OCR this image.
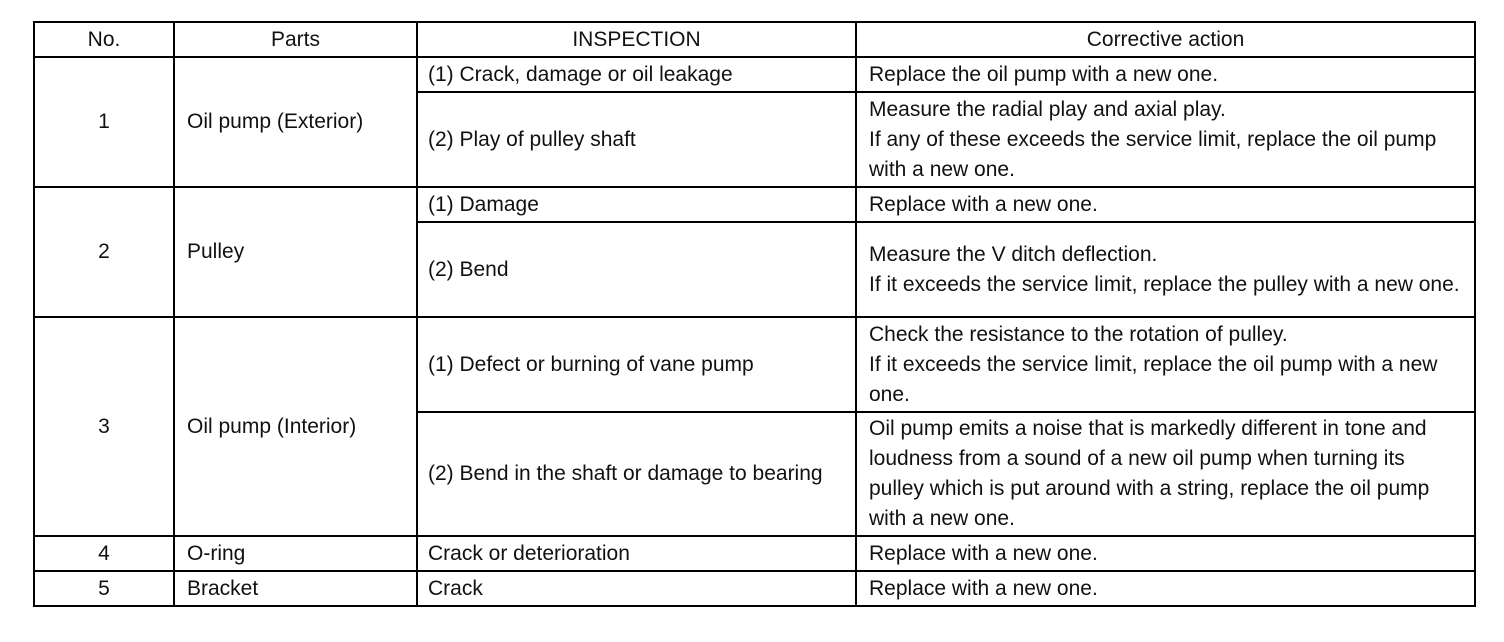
No.	Parts	INSPECTION	Corrective action
1	Oil pump (Exterior)	(1) Crack, damage or oil leakage	Replace the oil pump with a new one.
		(2) Play of pulley shaft	Measure the radial play and axial play.
If any of these exceeds the service limit, replace the oil pump with a new one.

2	Pulley	(1) Damage	Replace with a new one.
		(2) Bend	Measure the V ditch deflection.
If it exceeds the service limit, replace the pulley with a new one.

3	Oil pump (Interior)	(1) Defect or burning of vane pump	Check the resistance to the rotation of pulley.
If it exceeds the service limit, replace the oil pump with a new one.

		(2) Bend in the shaft or damage to bearing	Oil pump emits a noise that is markedly different in tone and loudness from a sound of a new oil pump when turning its pulley which is put around with a string, replace the oil pump with a new one.

4	O-ring	Crack or deterioration	Replace with a new one.
5	Bracket	Crack	Replace with a new one.
